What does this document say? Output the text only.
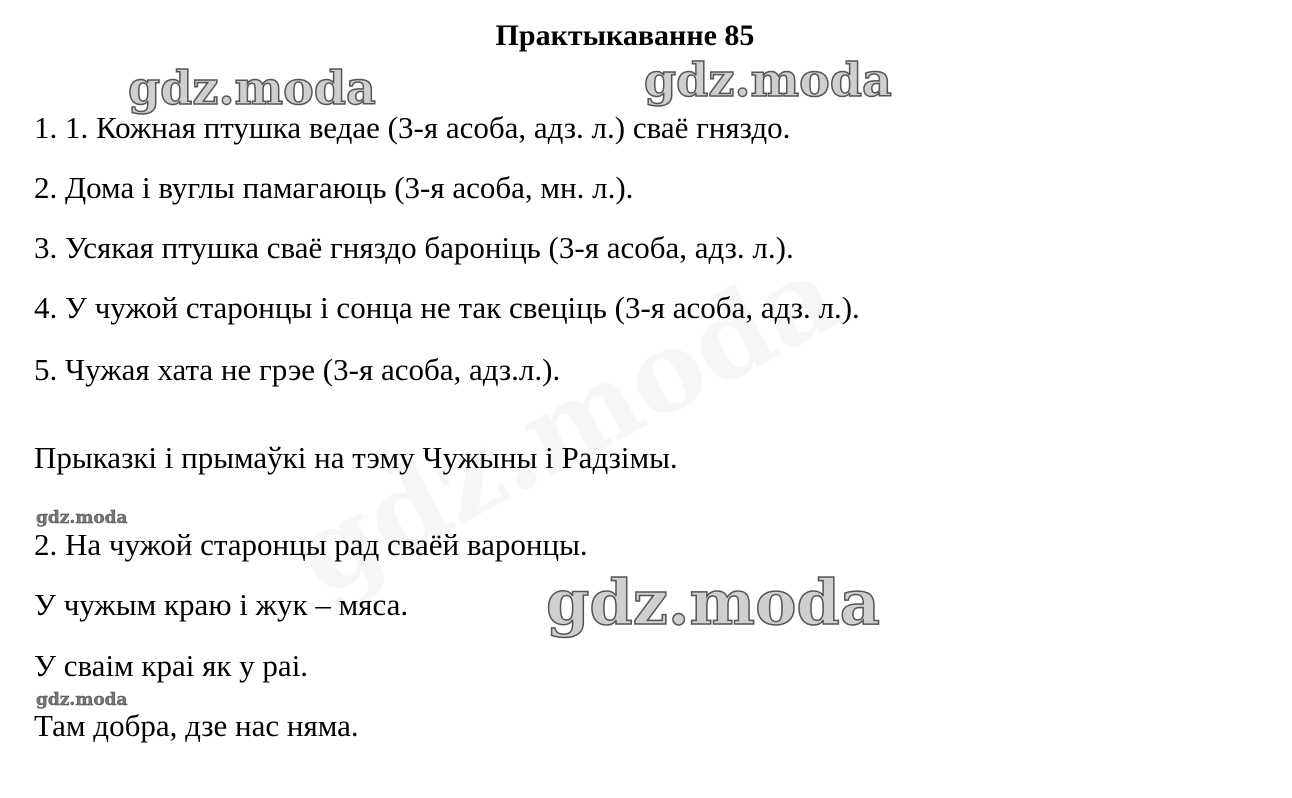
Практыкаванне 85
gdz.moda	gdz.moda
1. 1. Кожная птушка ведае (3-я асоба, адз. л.) сваё гняздо.
2. Дома і вуглы памагаюць (3-я асоба, мн. л.).
3. Усякая птушка сваё гняздо бароніць (3-я асоба, адз. л.).
4. У чужой старонцы і сонца не так свеціць (3-я асоба, адз. л.).
5. Чужая хата не грэе (3-я асоба, адз.л.).
Прыказкі і прымаўкі на тэму Чужыны і Радзімы.
gdz.moda
2. На чужой старонцы рад сваёй варонцы.
У чужым краю і жук – мяса. gdz.moda
У сваім краі як у раі.
gdz.moda
Там добра, дзе нас няма.
